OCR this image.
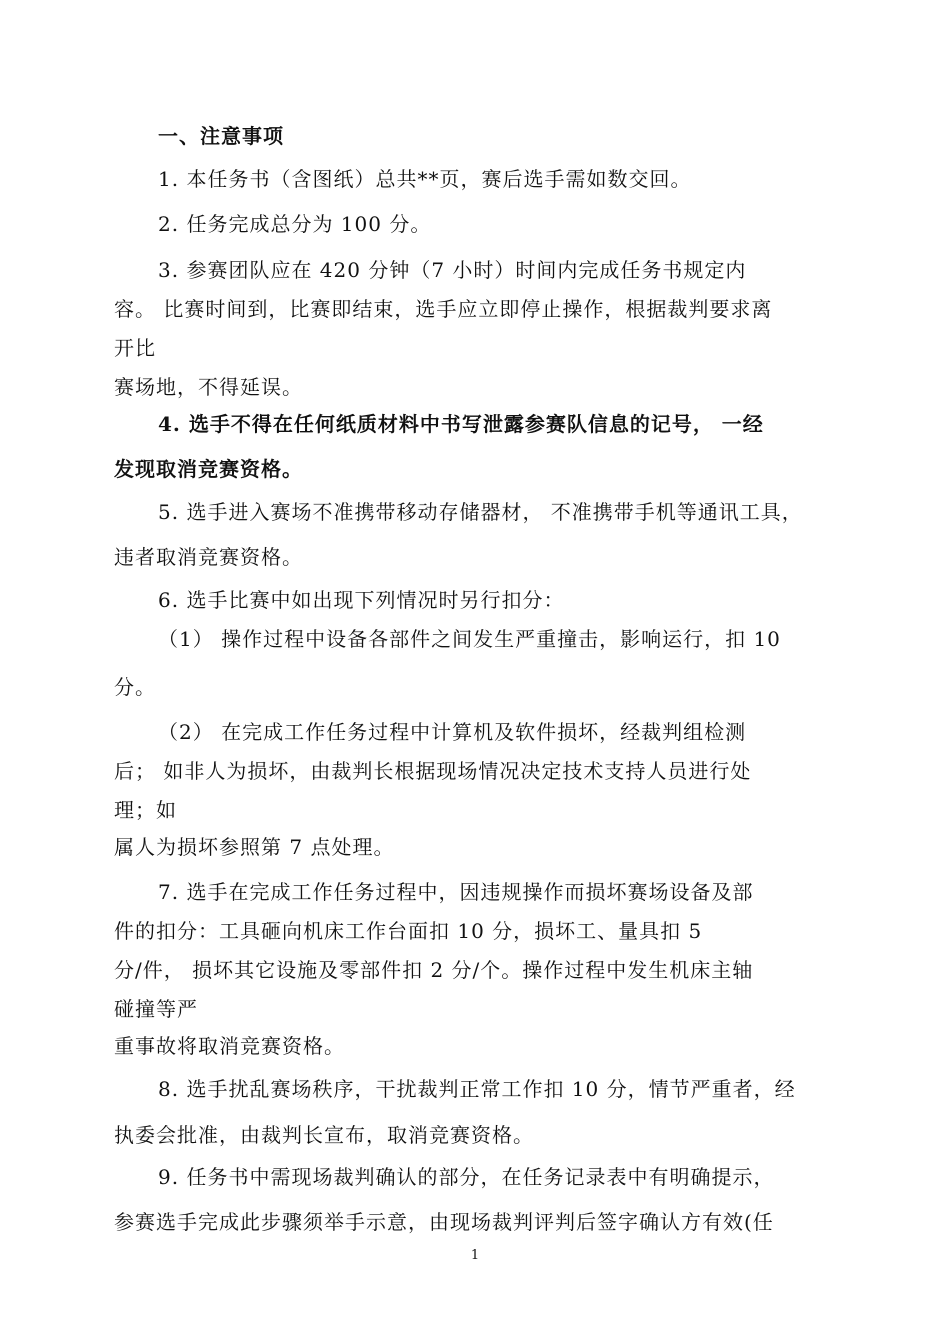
一、注意事项

1. 本任务书（含图纸）总共**页，赛后选手需如数交回。

2. 任务完成总分为 100 分。

3. 参赛团队应在 420 分钟（7 小时）时间内完成任务书规定内

容。 比赛时间到，比赛即结束，选手应立即停止操作，根据裁判要求离

开比

赛场地，不得延误。

4. 选手不得在任何纸质材料中书写泄露参赛队信息的记号， 一经

发现取消竞赛资格。

5. 选手进入赛场不准携带移动存储器材， 不准携带手机等通讯工具，

违者取消竞赛资格。

6. 选手比赛中如出现下列情况时另行扣分：

（1） 操作过程中设备各部件之间发生严重撞击，影响运行，扣 10

分。

（2） 在完成工作任务过程中计算机及软件损坏，经裁判组检测

后； 如非人为损坏，由裁判长根据现场情况决定技术支持人员进行处

理；如

属人为损坏参照第 7 点处理。

7. 选手在完成工作任务过程中，因违规操作而损坏赛场设备及部

件的扣分：工具砸向机床工作台面扣 10 分，损坏工、量具扣 5

分/件， 损坏其它设施及零部件扣 2 分/个。操作过程中发生机床主轴

碰撞等严

重事故将取消竞赛资格。

8. 选手扰乱赛场秩序，干扰裁判正常工作扣 10 分，情节严重者，经

执委会批准，由裁判长宣布，取消竞赛资格。

9. 任务书中需现场裁判确认的部分，在任务记录表中有明确提示，

参赛选手完成此步骤须举手示意，由现场裁判评判后签字确认方有效(任

1
